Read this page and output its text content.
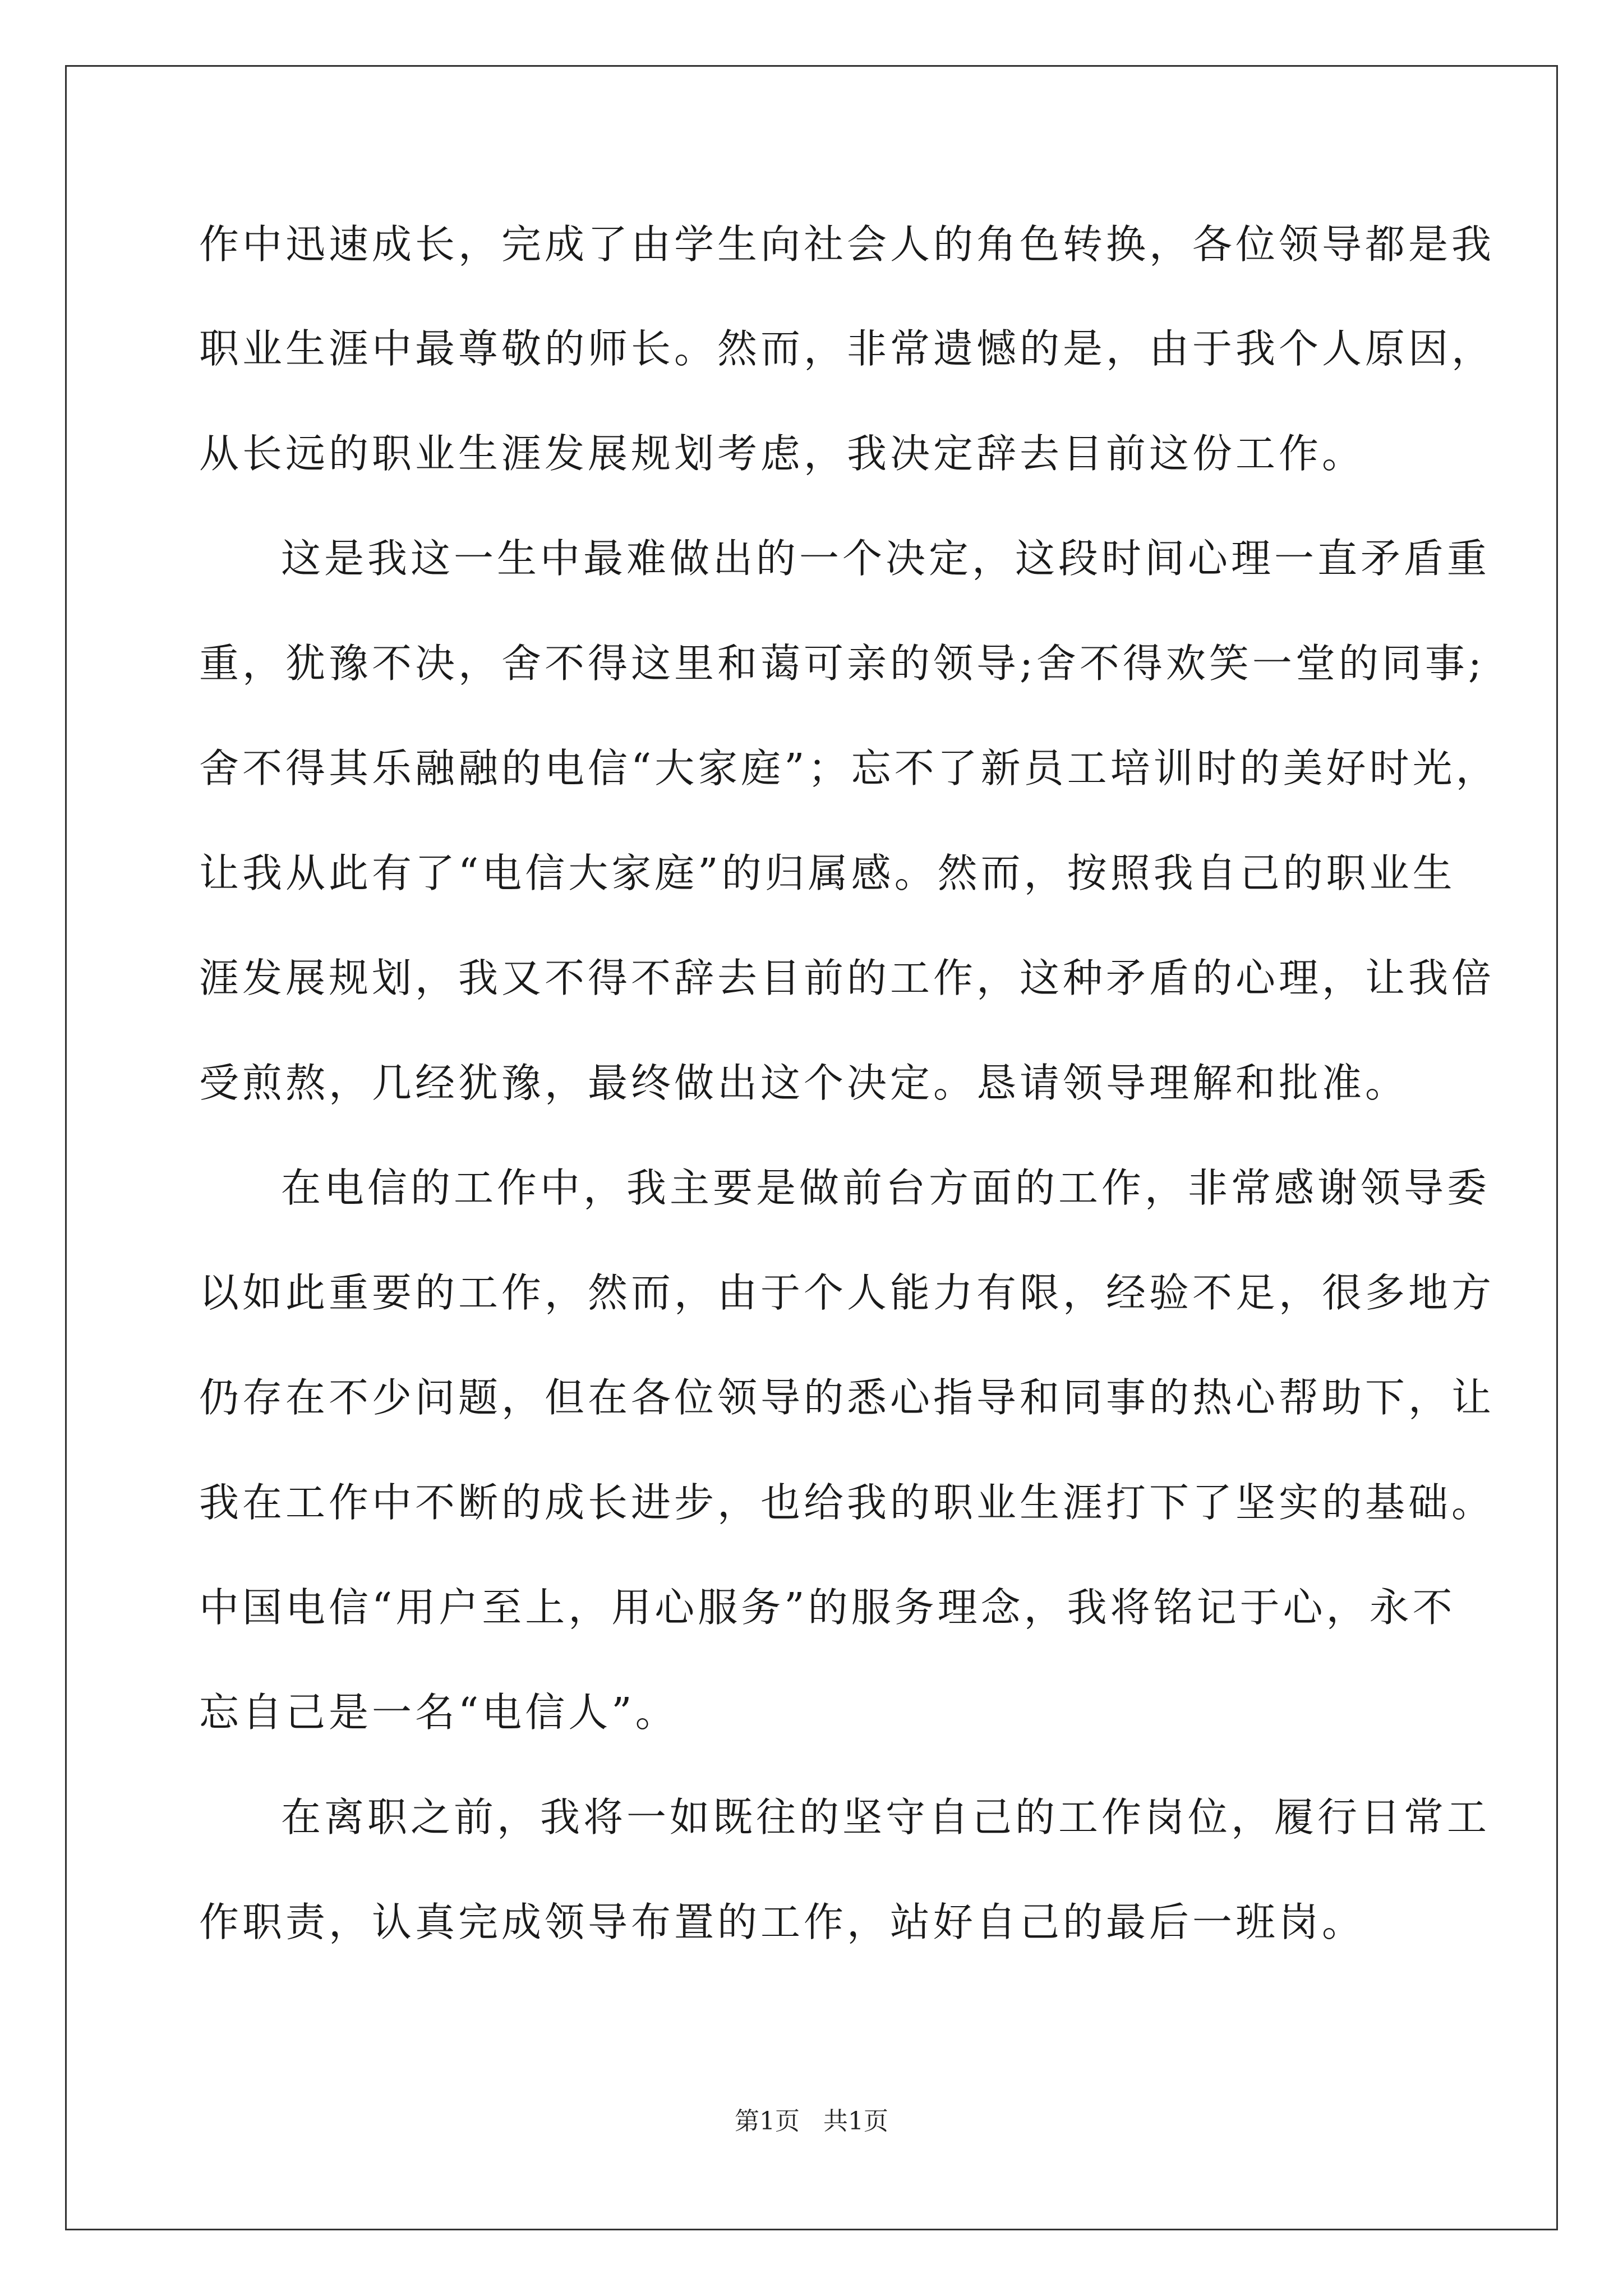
作中迅速成长，完成了由学生向社会人的角色转换，各位领导都是我
职业生涯中最尊敬的师长。然而，非常遗憾的是，由于我个人原因，
从长远的职业生涯发展规划考虑，我决定辞去目前这份工作。
这是我这一生中最难做出的一个决定，这段时间心理一直矛盾重
重，犹豫不决，舍不得这里和蔼可亲的领导;舍不得欢笑一堂的同事;
舍不得其乐融融的电信“大家庭”；忘不了新员工培训时的美好时光，
让我从此有了“电信大家庭”的归属感。然而，按照我自己的职业生
涯发展规划，我又不得不辞去目前的工作，这种矛盾的心理，让我倍
受煎熬，几经犹豫，最终做出这个决定。恳请领导理解和批准。
在电信的工作中，我主要是做前台方面的工作，非常感谢领导委
以如此重要的工作，然而，由于个人能力有限，经验不足，很多地方
仍存在不少问题，但在各位领导的悉心指导和同事的热心帮助下，让
我在工作中不断的成长进步，也给我的职业生涯打下了坚实的基础。
中国电信“用户至上，用心服务”的服务理念，我将铭记于心，永不
忘自己是一名“电信人”。
在离职之前，我将一如既往的坚守自己的工作岗位，履行日常工
作职责，认真完成领导布置的工作，站好自己的最后一班岗。
第1页   共1页
